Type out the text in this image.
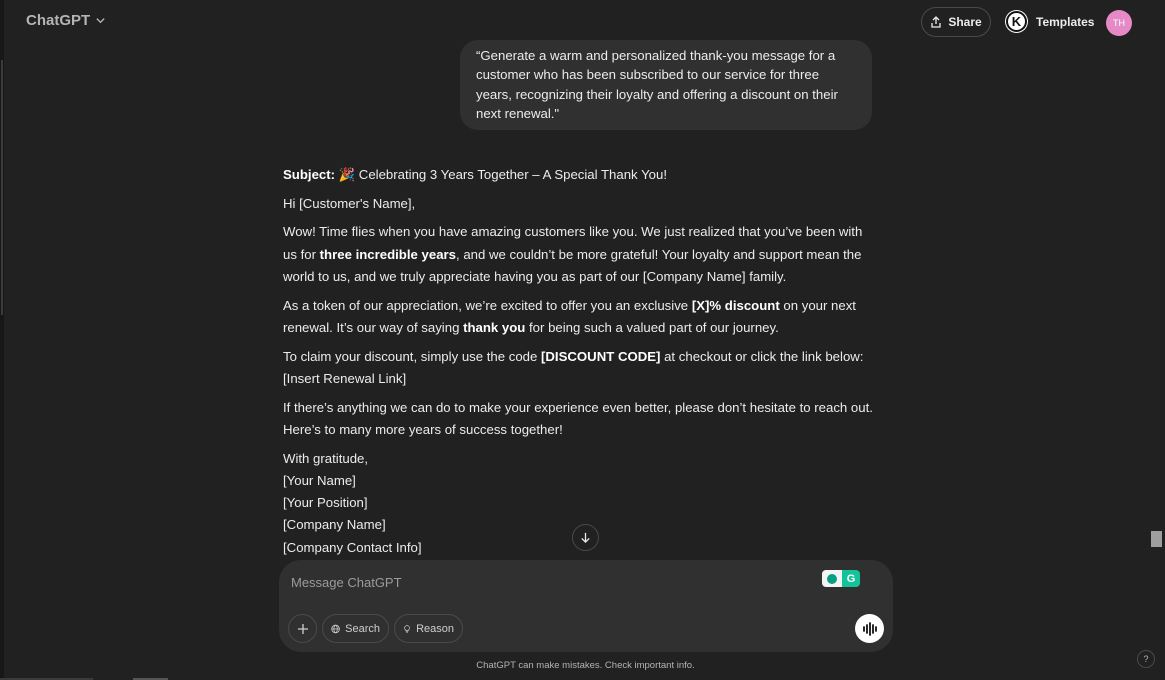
ChatGPT	Share	K	Templates	TH
“Generate a warm and personalized thank-you message for a customer who has been subscribed to our service for three years, recognizing their loyalty and offering a discount on their next renewal."

Subject: 🎉 Celebrating 3 Years Together – A Special Thank You!

Hi [Customer's Name],

Wow! Time flies when you have amazing customers like you. We just realized that you’ve been with us for three incredible years, and we couldn’t be more grateful! Your loyalty and support mean the world to us, and we truly appreciate having you as part of our [Company Name] family.

As a token of our appreciation, we’re excited to offer you an exclusive [X]% discount on your next renewal. It’s our way of saying thank you for being such a valued part of our journey.

To claim your discount, simply use the code [DISCOUNT CODE] at checkout or click the link below:

[Insert Renewal Link]

If there’s anything we can do to make your experience even better, please don’t hesitate to reach out. Here’s to many more years of success together!

With gratitude,

[Your Name]

[Your Position]

[Company Name]

[Company Contact Info]

Message ChatGPT
G
Search	Reason
ChatGPT can make mistakes. Check important info.
?
